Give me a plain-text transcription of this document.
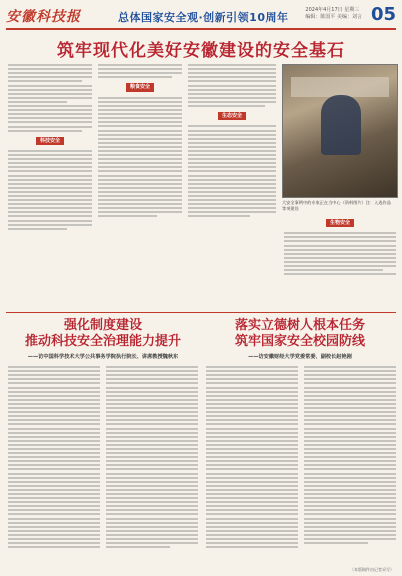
安徽科技报	总体国家安全观·创新引领10周年
2024年4月17日 星期三
编辑：陈国平 美编：刘言 05
筑牢现代化美好安徽建设的安全基石
科技安全
粮食安全
生态安全
大安全事例中的专家正在当中心（资料图片）注：入选作品 等项建设
生物安全
强化制度建设
推动科技安全治理能力提升
——访中国科学技术大学公共事务学院执行院长、讲席教授魏秋东
落实立德树人根本任务
筑牢国家安全校园防线
——访安徽财经大学党委常委、副校长赵艳刚
（本版稿件由记者采写）
